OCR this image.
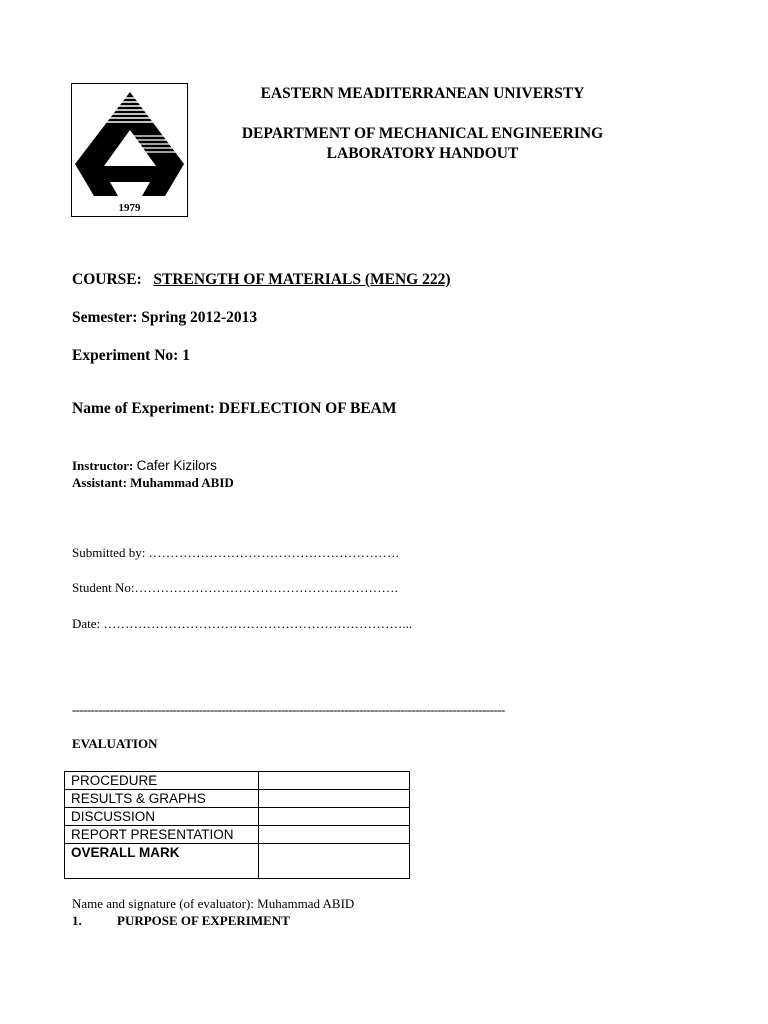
1979
EASTERN MEADITERRANEAN UNIVERSTY
DEPARTMENT OF MECHANICAL ENGINEERING
LABORATORY HANDOUT
COURSE: STRENGTH OF MATERIALS (MENG 222)
Semester: Spring 2012-2013
Experiment No: 1
Name of Experiment: DEFLECTION OF BEAM
Instructor: Cafer Kizilors
Assistant: Muhammad ABID
Submitted by: ………………………………………………….
Student No:…………………………………………………….
Date: ……………………………………………………………...
--------------------------------------------------------------------------------------------------------------------
EVALUATION
PROCEDURE	
RESULTS & GRAPHS	
DISCUSSION	
REPORT PRESENTATION	
OVERALL MARK	
Name and signature (of evaluator): Muhammad ABID
1.	PURPOSE OF EXPERIMENT
